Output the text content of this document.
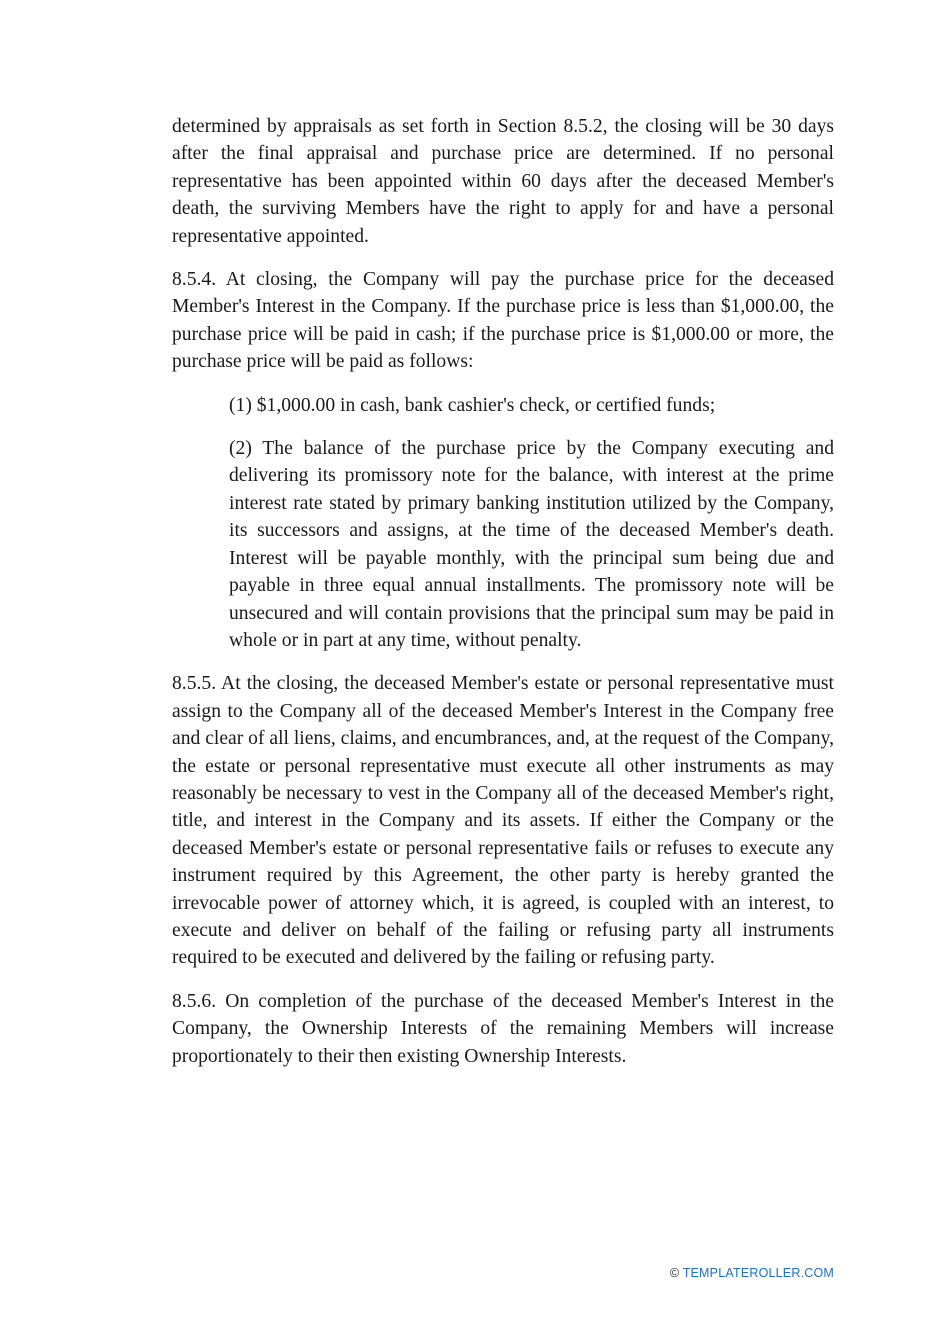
determined by appraisals as set forth in Section 8.5.2, the closing will be 30 days after the final appraisal and purchase price are determined. If no personal representative has been appointed within 60 days after the deceased Member's death, the surviving Members have the right to apply for and have a personal representative appointed.

8.5.4. At closing, the Company will pay the purchase price for the deceased Member's Interest in the Company. If the purchase price is less than $1,000.00, the purchase price will be paid in cash; if the purchase price is $1,000.00 or more, the purchase price will be paid as follows:

(1) $1,000.00 in cash, bank cashier's check, or certified funds;

(2) The balance of the purchase price by the Company executing and delivering its promissory note for the balance, with interest at the prime interest rate stated by primary banking institution utilized by the Company, its successors and assigns, at the time of the deceased Member's death. Interest will be payable monthly, with the principal sum being due and payable in three equal annual installments. The promissory note will be unsecured and will contain provisions that the principal sum may be paid in whole or in part at any time, without penalty.

8.5.5. At the closing, the deceased Member's estate or personal representative must assign to the Company all of the deceased Member's Interest in the Company free and clear of all liens, claims, and encumbrances, and, at the request of the Company, the estate or personal representative must execute all other instruments as may reasonably be necessary to vest in the Company all of the deceased Member's right, title, and interest in the Company and its assets. If either the Company or the deceased Member's estate or personal representative fails or refuses to execute any instrument required by this Agreement, the other party is hereby granted the irrevocable power of attorney which, it is agreed, is coupled with an interest, to execute and deliver on behalf of the failing or refusing party all instruments required to be executed and delivered by the failing or refusing party.

8.5.6. On completion of the purchase of the deceased Member's Interest in the Company, the Ownership Interests of the remaining Members will increase proportionately to their then existing Ownership Interests.

© TEMPLATEROLLER.COM
